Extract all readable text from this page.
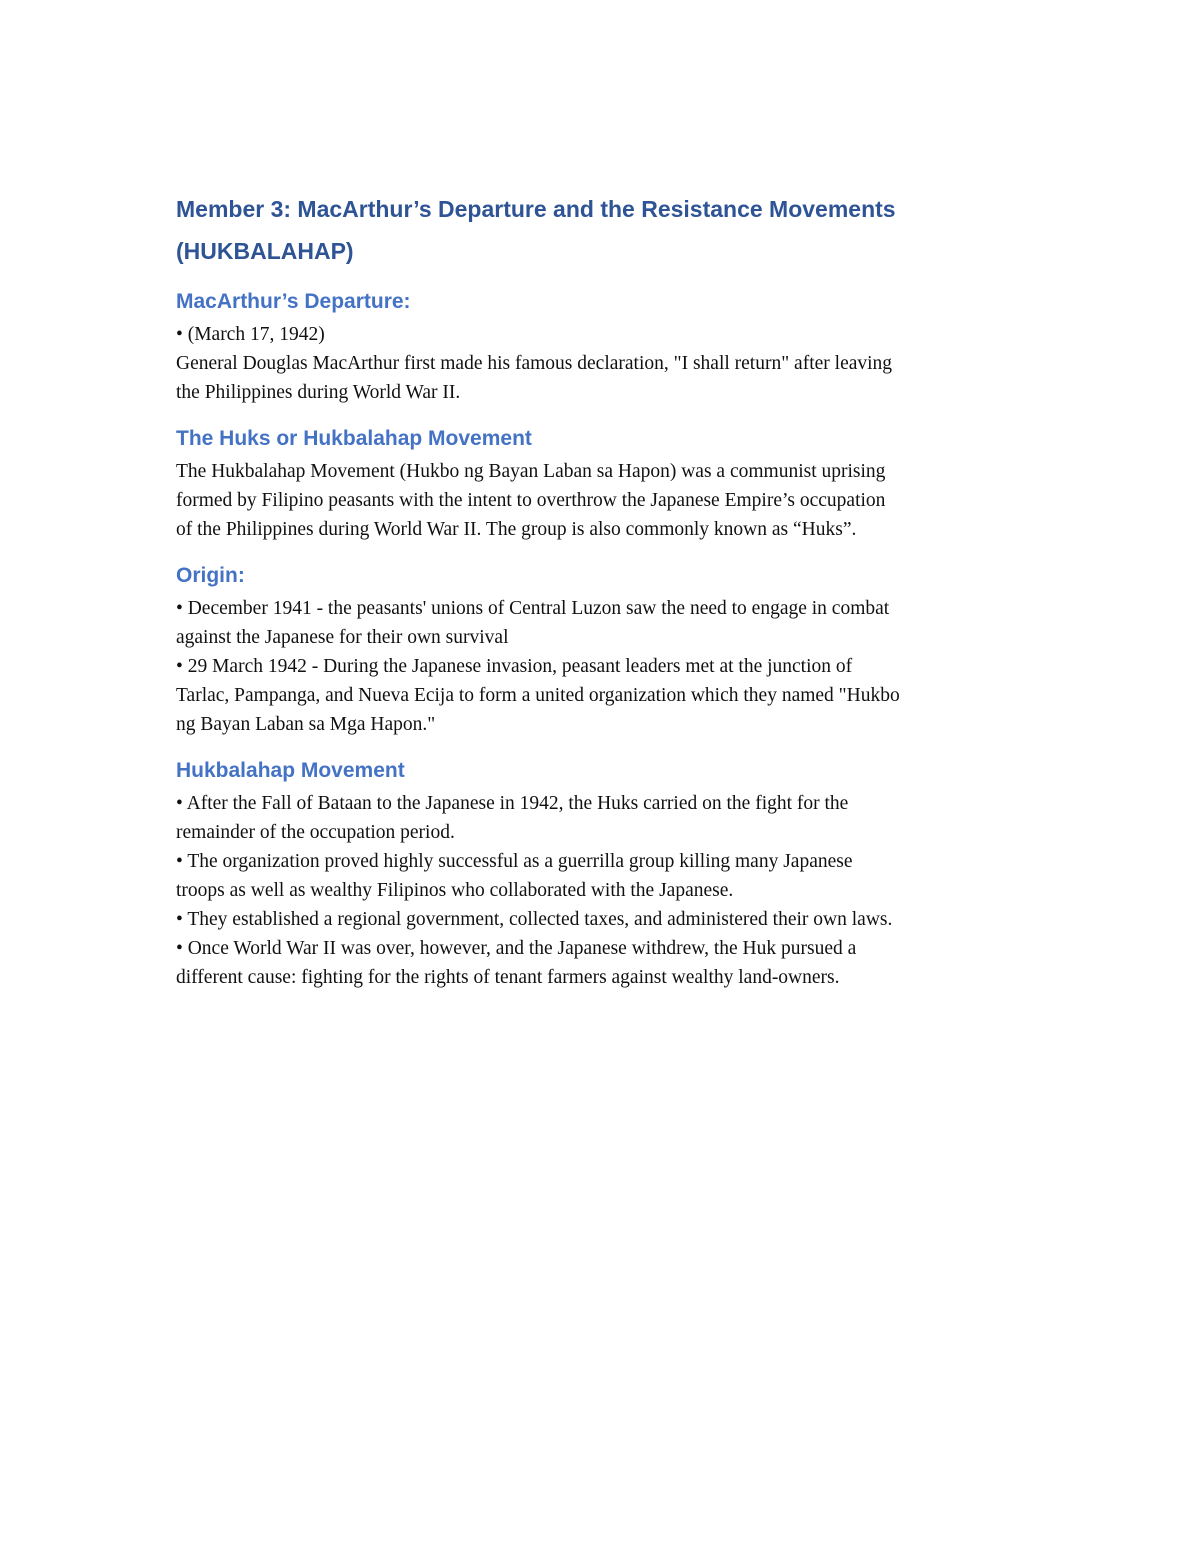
Member 3: MacArthur’s Departure and the Resistance Movements
(HUKBALAHAP)
MacArthur’s Departure:

• (March 17, 1942)
General Douglas MacArthur first made his famous declaration, "I shall return" after leaving
the Philippines during World War II.

The Huks or Hukbalahap Movement

The Hukbalahap Movement (Hukbo ng Bayan Laban sa Hapon) was a communist uprising
formed by Filipino peasants with the intent to overthrow the Japanese Empire’s occupation
of the Philippines during World War II. The group is also commonly known as “Huks”.

Origin:

• December 1941 - the peasants' unions of Central Luzon saw the need to engage in combat
against the Japanese for their own survival
• 29 March 1942 - During the Japanese invasion, peasant leaders met at the junction of
Tarlac, Pampanga, and Nueva Ecija to form a united organization which they named "Hukbo
ng Bayan Laban sa Mga Hapon."

Hukbalahap Movement

• After the Fall of Bataan to the Japanese in 1942, the Huks carried on the fight for the
remainder of the occupation period.
• The organization proved highly successful as a guerrilla group killing many Japanese
troops as well as wealthy Filipinos who collaborated with the Japanese.
• They established a regional government, collected taxes, and administered their own laws.
• Once World War II was over, however, and the Japanese withdrew, the Huk pursued a
different cause: fighting for the rights of tenant farmers against wealthy land-owners.
